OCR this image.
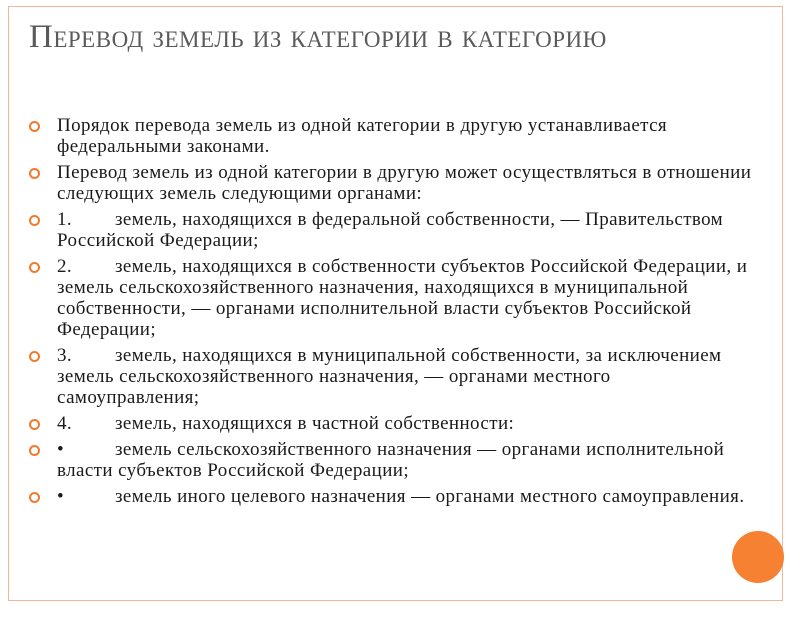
Перевод земель из категории в категорию
Порядок перевода земель из одной категории в другую устанавливается федеральными законами.
Перевод земель из одной категории в другую может осуществляться в отношении следующих земель следующими органами:
1. земель, находящихся в федеральной собственности, — Правительством Российской Федерации;
2. земель, находящихся в собственности субъектов Российской Федерации, и земель сельскохозяйственного назначения, находящихся в муниципальной собственности, — органами исполнительной власти субъектов Российской Федерации;
3. земель, находящихся в муниципальной собственности, за исключением земель сельскохозяйственного назначения, — органами местного самоуправления;
4. земель, находящихся в частной собственности:
•	земель сельскохозяйственного назначения — органами исполнительной власти субъектов Российской Федерации;
•	земель иного целевого назначения — органами местного самоуправления.
